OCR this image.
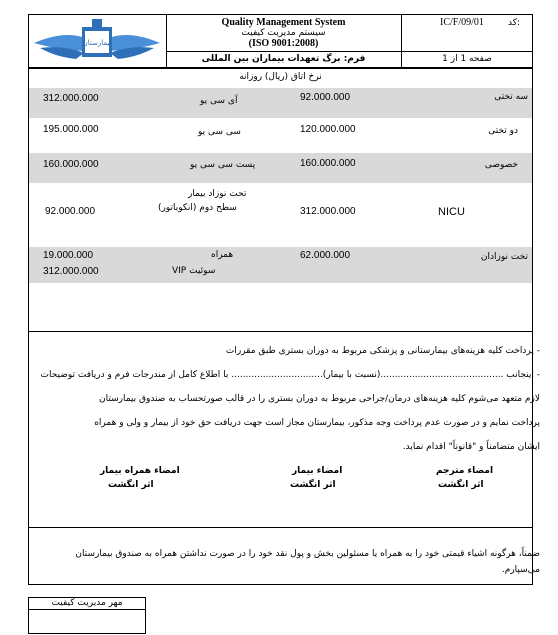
بیمارستان
Quality Management System
سیستم مدیریت کیفیت
(ISO 9001:2008)
فرم: برگ تعهدات بیماران بین المللی
کد:
IC/F/09/01
صفحه 1 از 1
نرخ اتاق (ریال) روزانه
سه تختی
92.000.000
آی سی یو
312.000.000
دو تختی
120.000.000
سی سی یو
195.000.000
خصوصی
160.000.000
پست سی سی یو
160.000.000
تحت نوزاد بیمار
سطح دوم (انکوباتور)
92.000.000	312.000.000	NICU
تخت نوزادان
62.000.000
همراه
19.000.000
سوئیت VIP
312.000.000
- پرداخت کلیه هزینه‌های بیمارستانی و پزشکی مربوط به دوران بستری طبق مقررات
- اینجانب ...........................................(نسبت با بیمار)................................ با اطلاع کامل از مندرجات فرم و دریافت توضیحات
لازم متعهد می‌شوم کلیه هزینه‌های درمان/جراحی مربوط به دوران بستری را در قالب صورتحساب به صندوق بیمارستان
پرداخت نمایم و در صورت عدم پرداخت وجه مذکور، بیمارستان مجاز است جهت دریافت حق خود از بیمار و ولی و همراه
ایشان متضامناً و "قانوناً" اقدام نماید.
امضاء مترجم
اثر انگشت
امضاء بیمار
اثر انگشت
امضاء همراه بیمار
اثر انگشت
ضمناً، هرگونه اشیاء قیمتی خود را به همراه یا مسئولین بخش و پول نقد خود را در صورت نداشتن همراه به صندوق بیمارستان
می‌سپارم.
مهر مدیریت کیفیت
